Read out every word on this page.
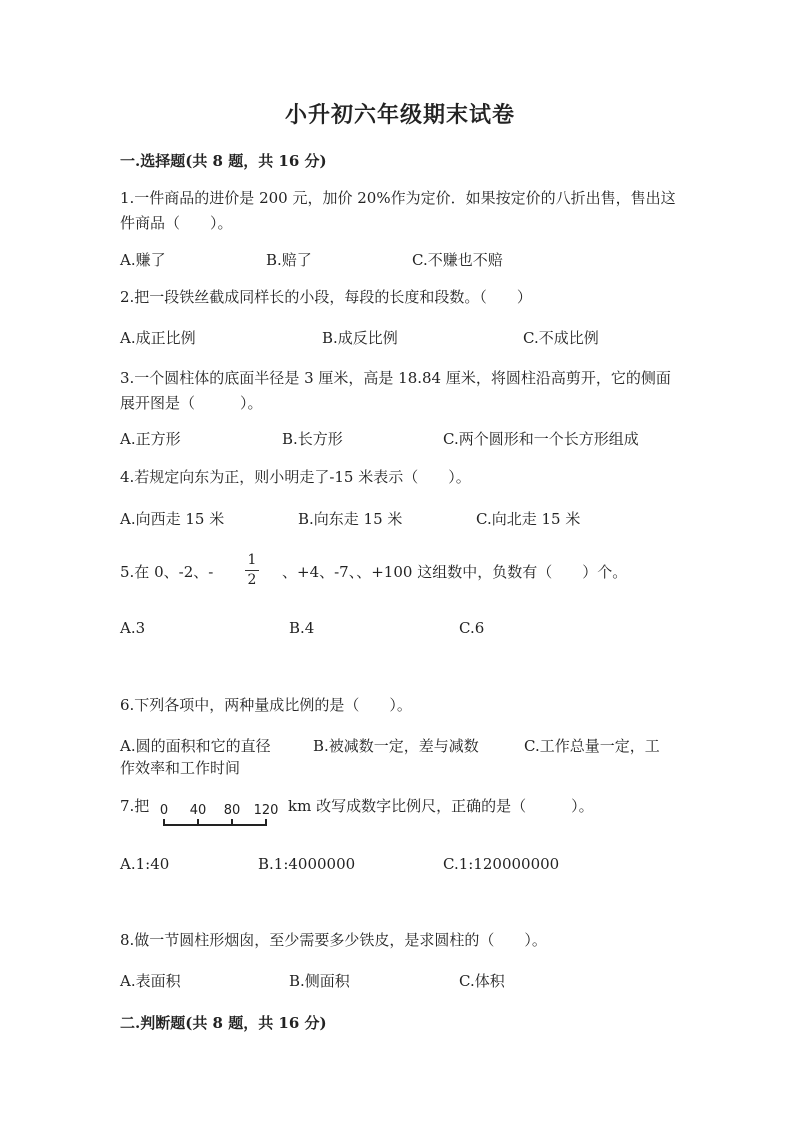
小升初六年级期末试卷
一.选择题(共 8 题，共 16 分)
1.一件商品的进价是 200 元，加价 20%作为定价．如果按定价的八折出售，售出这件商品（　　）。
A.赚了	B.赔了	C.不赚也不赔
2.把一段铁丝截成同样长的小段，每段的长度和段数。（　　）
A.成正比例	B.成反比例	C.不成比例
3.一个圆柱体的底面半径是 3 厘米，高是 18.84 厘米，将圆柱沿高剪开，它的侧面展开图是（　　　）。
A.正方形	B.长方形	C.两个圆形和一个长方形组成
4.若规定向东为正，则小明走了-15 米表示（　　）。
A.向西走 15 米	B.向东走 15 米	C.向北走 15 米
5.在 0、-2、-
1
2 、+4、-7、、+100 这组数中，负数有（　　）个。
A.3	B.4	C.6
6.下列各项中，两种量成比例的是（　　）。
A.圆的面积和它的直径	B.被减数一定，差与减数	C.工作总量一定，工
作效率和工作时间
7.把 0 40 80 120 km 改写成数字比例尺，正确的是（　　　）。
A.1:40	B.1:4000000	C.1:120000000
8.做一节圆柱形烟囱，至少需要多少铁皮，是求圆柱的（　　）。
A.表面积	B.侧面积	C.体积
二.判断题(共 8 题，共 16 分)
